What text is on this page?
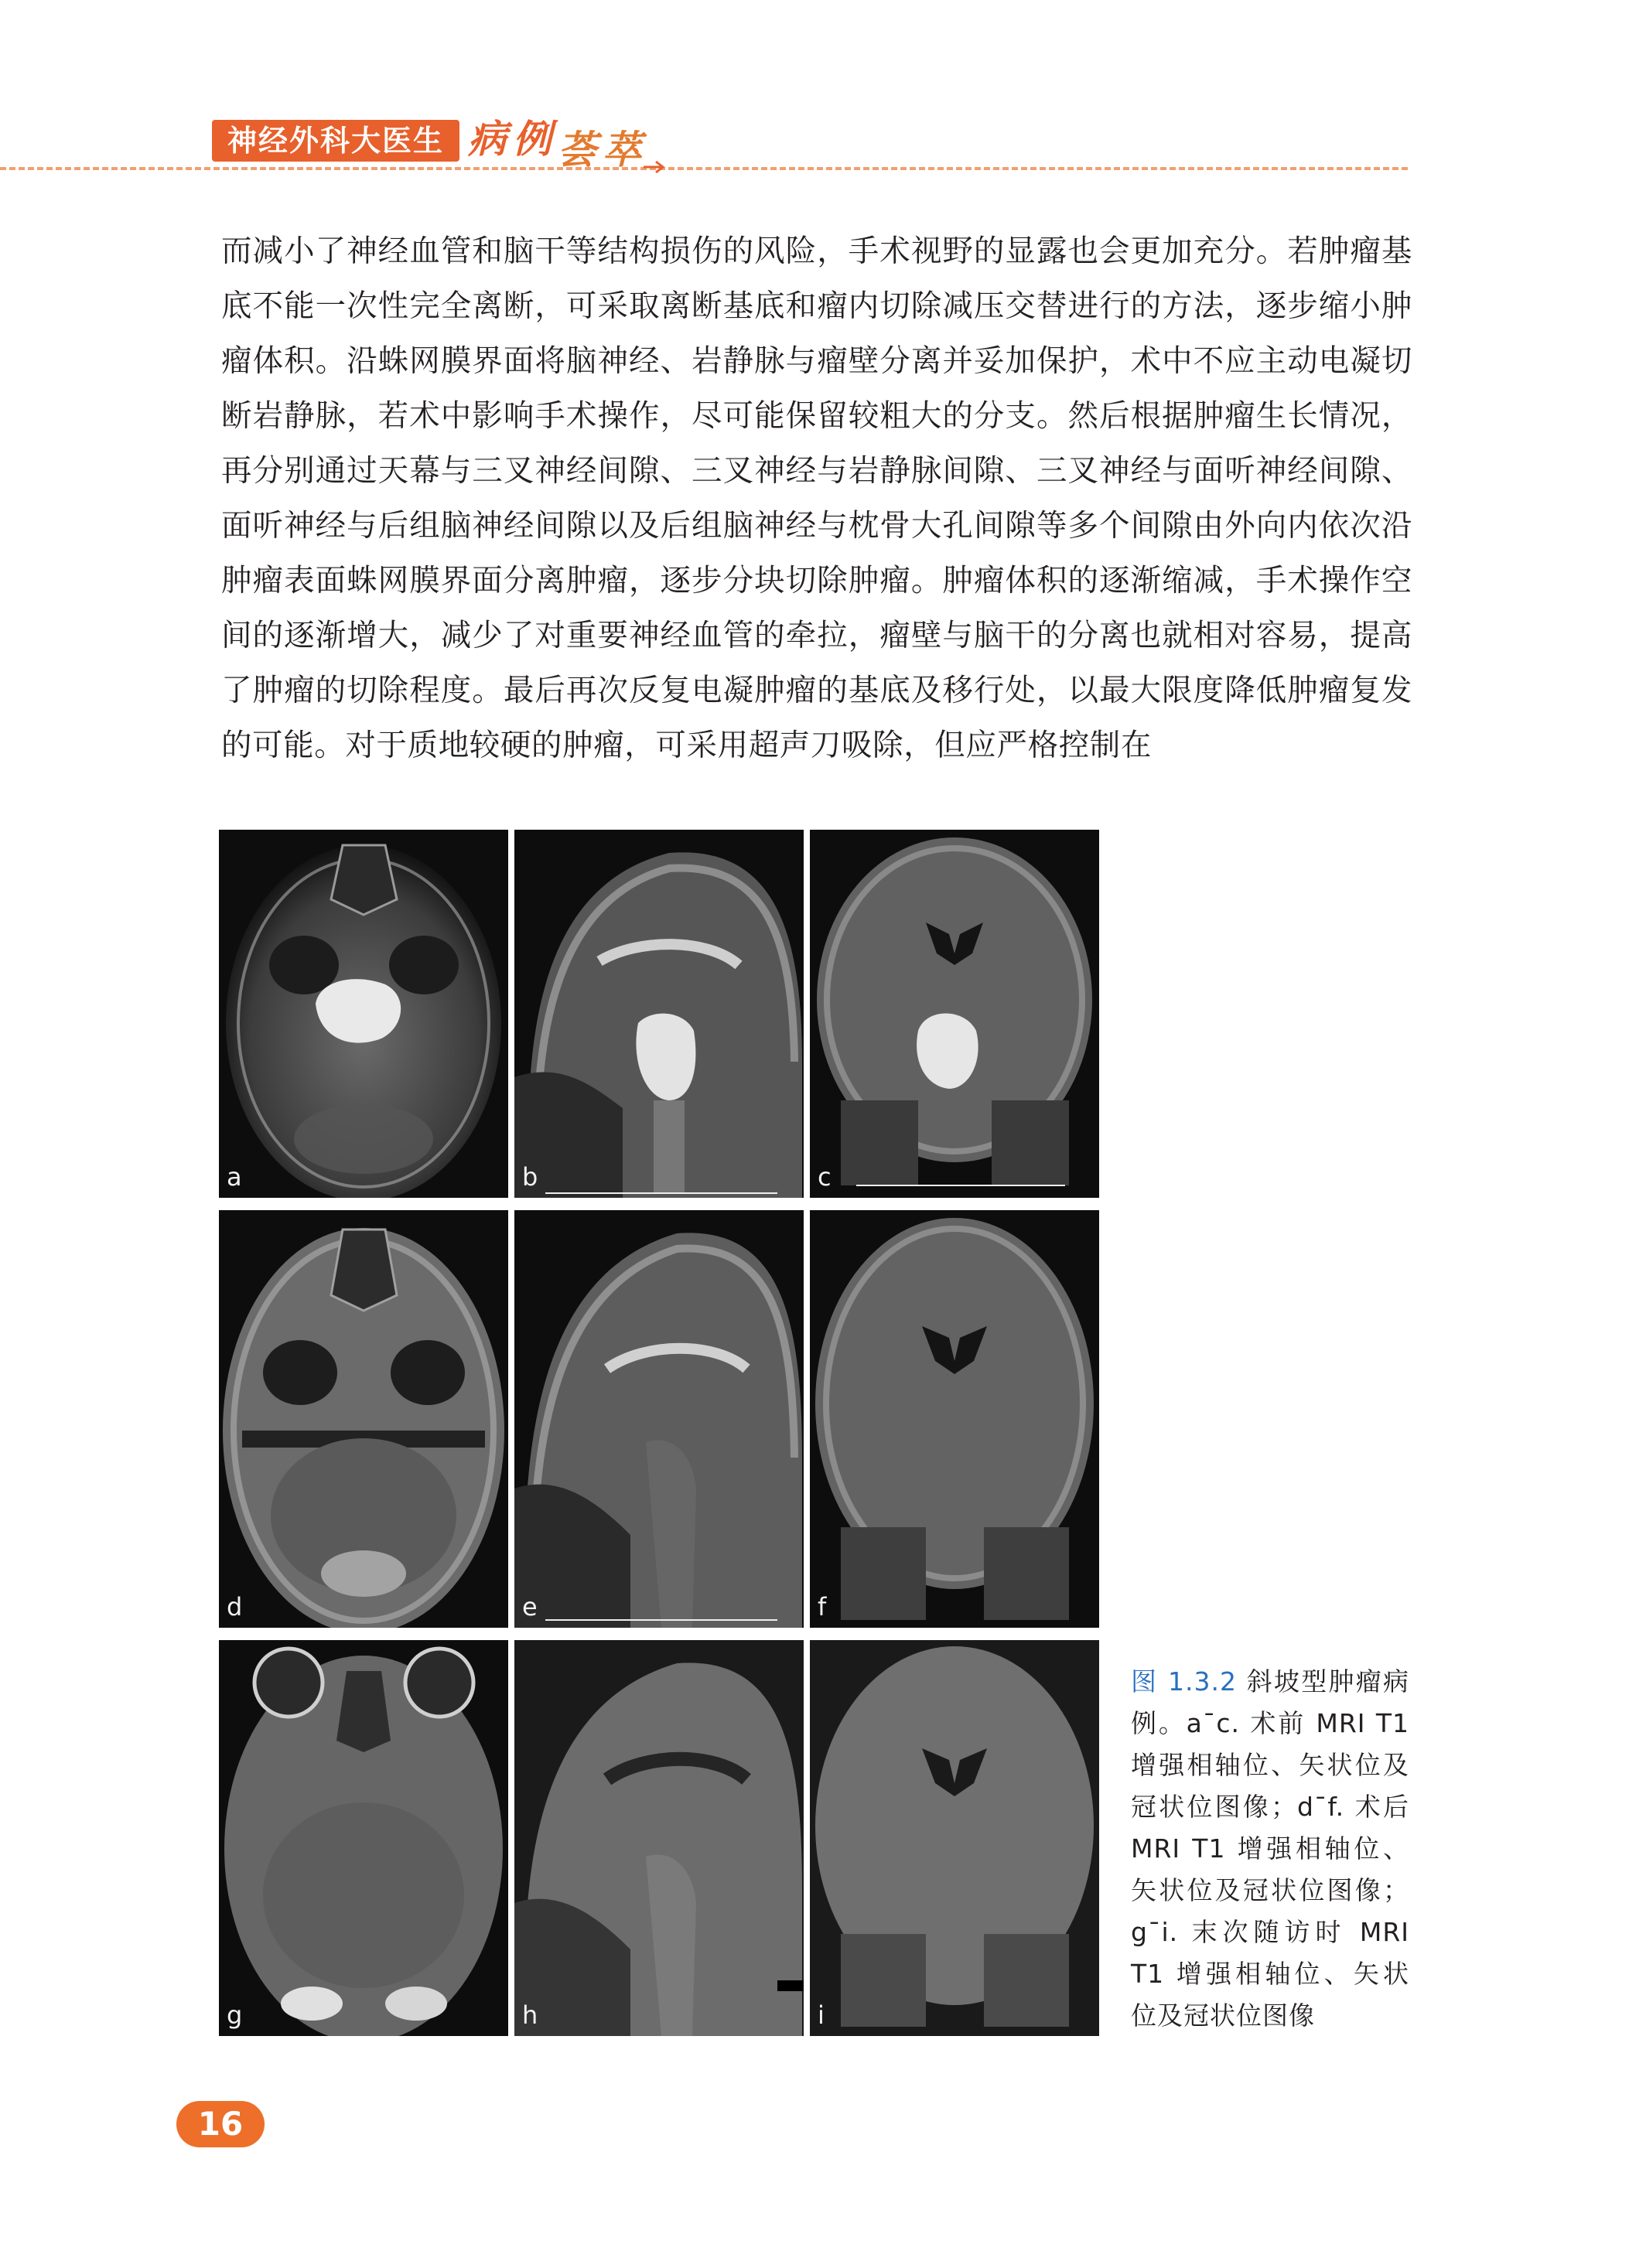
神经外科大医生 病例荟萃
而减小了神经血管和脑干等结构损伤的风险，手术视野的显露也会更加充分。若肿瘤基底不能一次性完全离断，可采取离断基底和瘤内切除减压交替进行的方法，逐步缩小肿瘤体积。沿蛛网膜界面将脑神经、岩静脉与瘤壁分离并妥加保护，术中不应主动电凝切断岩静脉，若术中影响手术操作，尽可能保留较粗大的分支。然后根据肿瘤生长情况，再分别通过天幕与三叉神经间隙、三叉神经与岩静脉间隙、三叉神经与面听神经间隙、面听神经与后组脑神经间隙以及后组脑神经与枕骨大孔间隙等多个间隙由外向内依次沿肿瘤表面蛛网膜界面分离肿瘤，逐步分块切除肿瘤。肿瘤体积的逐渐缩减，手术操作空间的逐渐增大，减少了对重要神经血管的牵拉，瘤壁与脑干的分离也就相对容易，提高了肿瘤的切除程度。最后再次反复电凝肿瘤的基底及移行处，以最大限度降低肿瘤复发的可能。对于质地较硬的肿瘤，可采用超声刀吸除，但应严格控制在
a	b	c
d	e	f
g	h	i
图 1.3.2 斜坡型肿瘤病例。a¯c. 术前 MRI T1 增强相轴位、矢状位及冠状位图像；d¯f. 术后 MRI T1 增强相轴位、矢状位及冠状位图像；g¯i. 末次随访时 MRI T1 增强相轴位、矢状位及冠状位图像
16
